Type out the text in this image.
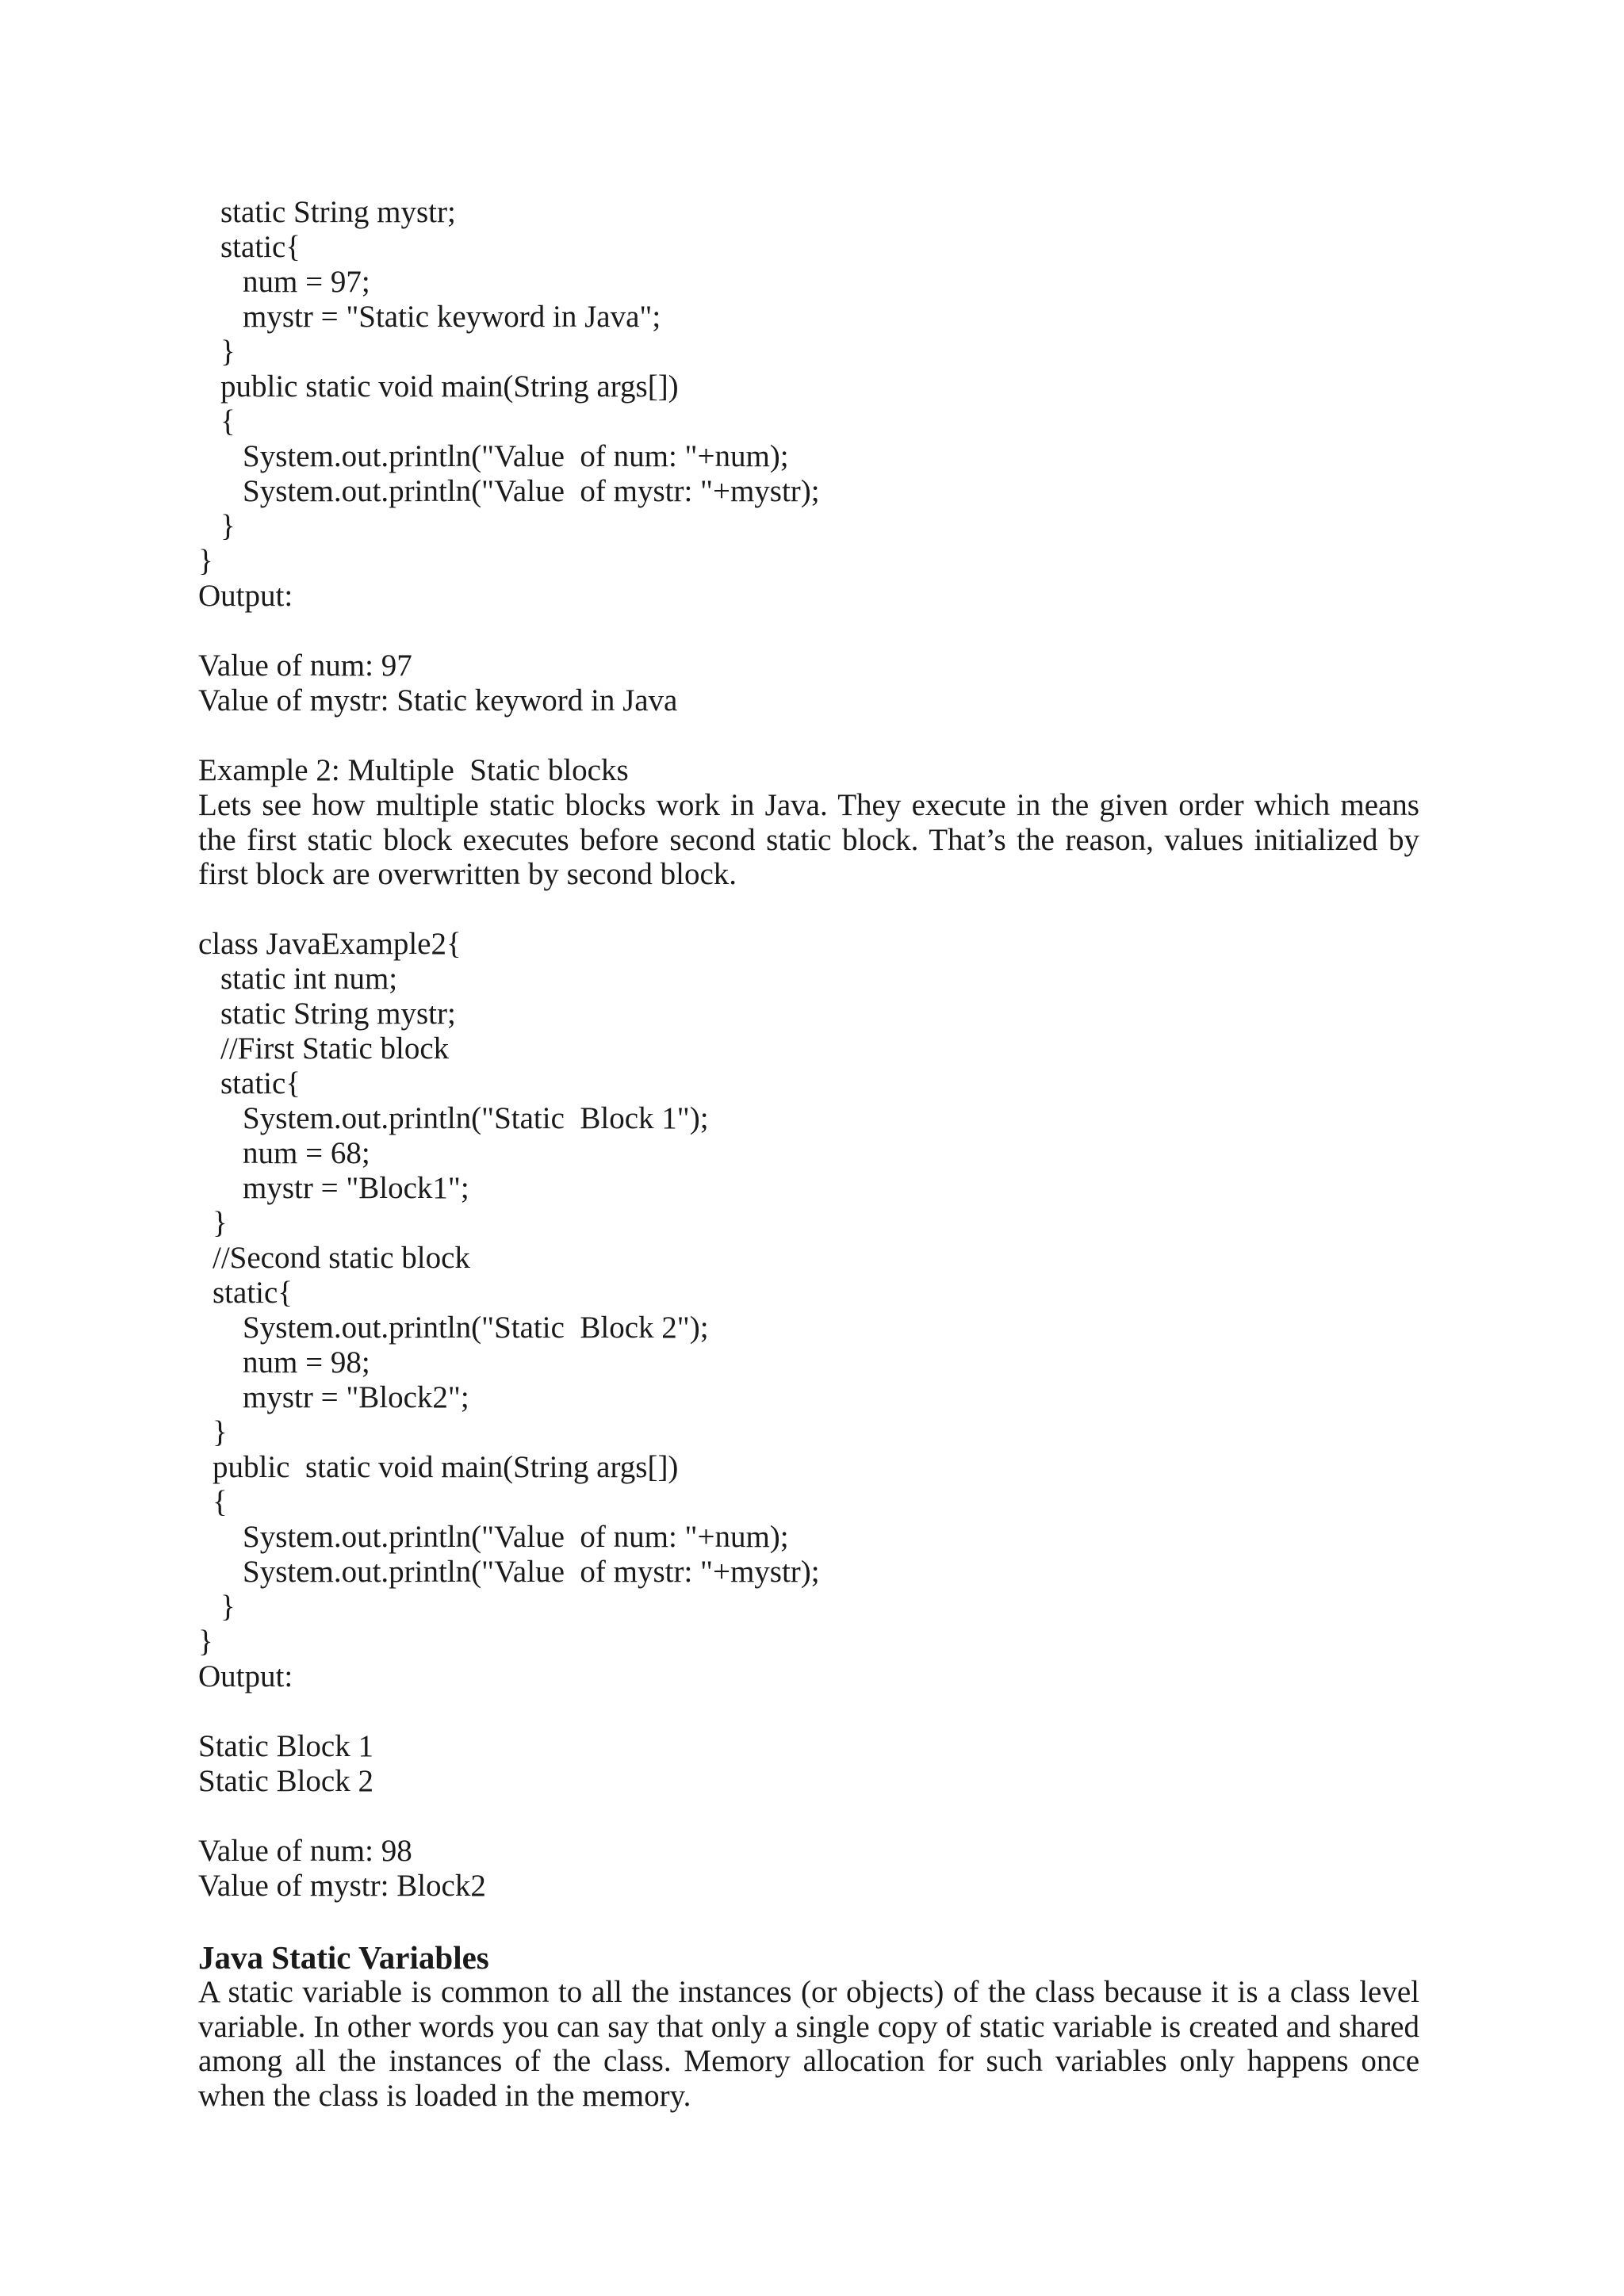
static String mystr;

static{

num = 97;

mystr = "Static keyword in Java";

}

public static void main(String args[])

{

System.out.println("Value  of num: "+num);

System.out.println("Value  of mystr: "+mystr);

}

}

Output:

Value of num: 97

Value of mystr: Static keyword in Java

Example 2: Multiple  Static blocks

Lets see how multiple static blocks work in Java. They execute in the given order which means the first static block executes before second static block. That’s the reason, values initialized by first block are overwritten by second block.

class JavaExample2{

static int num;

static String mystr;

//First Static block

static{

System.out.println("Static  Block 1");

num = 68;

mystr = "Block1";

}

//Second static block

static{

System.out.println("Static  Block 2");

num = 98;

mystr = "Block2";

}

public  static void main(String args[])

{

System.out.println("Value  of num: "+num);

System.out.println("Value  of mystr: "+mystr);

}

}

Output:

Static Block 1

Static Block 2

Value of num: 98

Value of mystr: Block2

Java Static Variables

A static variable is common to all the instances (or objects) of the class because it is a class level variable. In other words you can say that only a single copy of static variable is created and shared among all the instances of the class. Memory allocation for such variables only happens once when the class is loaded in the memory.
